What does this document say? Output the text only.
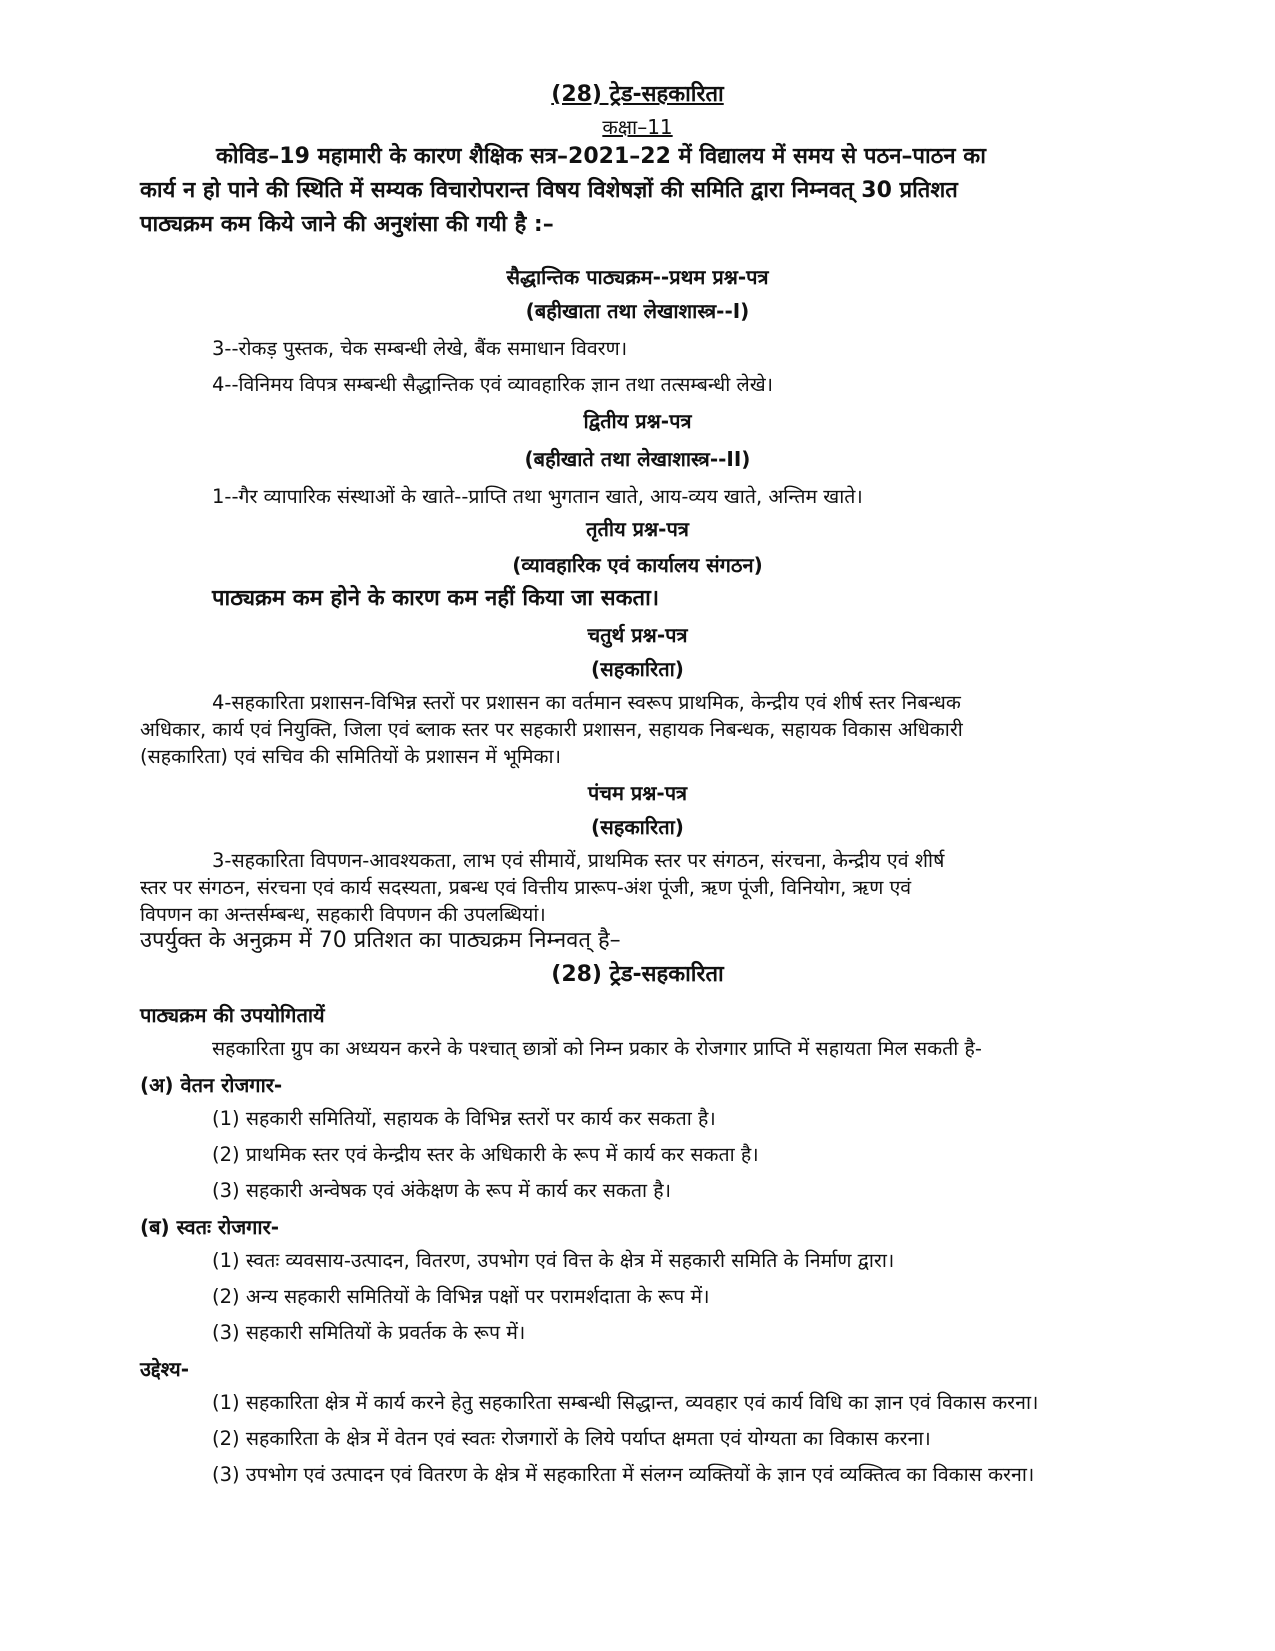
(28) ट्रेड-सहकारिता
कक्षा–11
कोविड–19 महामारी के कारण शैक्षिक सत्र–2021–22 में विद्यालय में समय से पठन–पाठन का
कार्य न हो पाने की स्थिति में सम्यक विचारोपरान्त विषय विशेषज्ञों की समिति द्वारा निम्नवत् 30 प्रतिशत
पाठ्यक्रम कम किये जाने की अनुशंसा की गयी है :–
सैद्धान्तिक पाठ्यक्रम--प्रथम प्रश्न-पत्र
(बहीखाता तथा लेखाशास्त्र--I)
3--रोकड़ पुस्तक, चेक सम्बन्धी लेखे, बैंक समाधान विवरण।
4--विनिमय विपत्र सम्बन्धी सैद्धान्तिक एवं व्यावहारिक ज्ञान तथा तत्सम्बन्धी लेखे।
द्वितीय प्रश्न-पत्र
(बहीखाते तथा लेखाशास्त्र--II)
1--गैर व्यापारिक संस्थाओं के खाते--प्राप्ति तथा भुगतान खाते, आय-व्यय खाते, अन्तिम खाते।
तृतीय प्रश्न-पत्र
(व्यावहारिक एवं कार्यालय संगठन)
पाठ्यक्रम कम होने के कारण कम नहीं किया जा सकता।
चतुर्थ प्रश्न-पत्र
(सहकारिता)
4-सहकारिता प्रशासन-विभिन्न स्तरों पर प्रशासन का वर्तमान स्वरूप प्राथमिक, केन्द्रीय एवं शीर्ष स्तर निबन्धक
अधिकार, कार्य एवं नियुक्ति, जिला एवं ब्लाक स्तर पर सहकारी प्रशासन, सहायक निबन्धक, सहायक विकास अधिकारी
(सहकारिता) एवं सचिव की समितियों के प्रशासन में भूमिका।
पंचम प्रश्न-पत्र
(सहकारिता)
3-सहकारिता विपणन-आवश्यकता, लाभ एवं सीमायें, प्राथमिक स्तर पर संगठन, संरचना, केन्द्रीय एवं शीर्ष
स्तर पर संगठन, संरचना एवं कार्य सदस्यता, प्रबन्ध एवं वित्तीय प्रारूप-अंश पूंजी, ऋण पूंजी, विनियोग, ऋण एवं
विपणन का अन्तर्सम्बन्ध, सहकारी विपणन की उपलब्धियां।
उपर्युक्त के अनुक्रम में 70 प्रतिशत का पाठ्यक्रम निम्नवत् है–
(28) ट्रेड-सहकारिता
पाठ्यक्रम की उपयोगितायें
सहकारिता ग्रुप का अध्ययन करने के पश्चात् छात्रों को निम्न प्रकार के रोजगार प्राप्ति में सहायता मिल सकती है-
(अ) वेतन रोजगार-
(1) सहकारी समितियों, सहायक के विभिन्न स्तरों पर कार्य कर सकता है।
(2) प्राथमिक स्तर एवं केन्द्रीय स्तर के अधिकारी के रूप में कार्य कर सकता है।
(3) सहकारी अन्वेषक एवं अंकेक्षण के रूप में कार्य कर सकता है।
(ब) स्वतः रोजगार-
(1) स्वतः व्यवसाय-उत्पादन, वितरण, उपभोग एवं वित्त के क्षेत्र में सहकारी समिति के निर्माण द्वारा।
(2) अन्य सहकारी समितियों के विभिन्न पक्षों पर परामर्शदाता के रूप में।
(3) सहकारी समितियों के प्रवर्तक के रूप में।
उद्देश्य-
(1) सहकारिता क्षेत्र में कार्य करने हेतु सहकारिता सम्बन्धी सिद्धान्त, व्यवहार एवं कार्य विधि का ज्ञान एवं विकास करना।
(2) सहकारिता के क्षेत्र में वेतन एवं स्वतः रोजगारों के लिये पर्याप्त क्षमता एवं योग्यता का विकास करना।
(3) उपभोग एवं उत्पादन एवं वितरण के क्षेत्र में सहकारिता में संलग्न व्यक्तियों के ज्ञान एवं व्यक्तित्व का विकास करना।
